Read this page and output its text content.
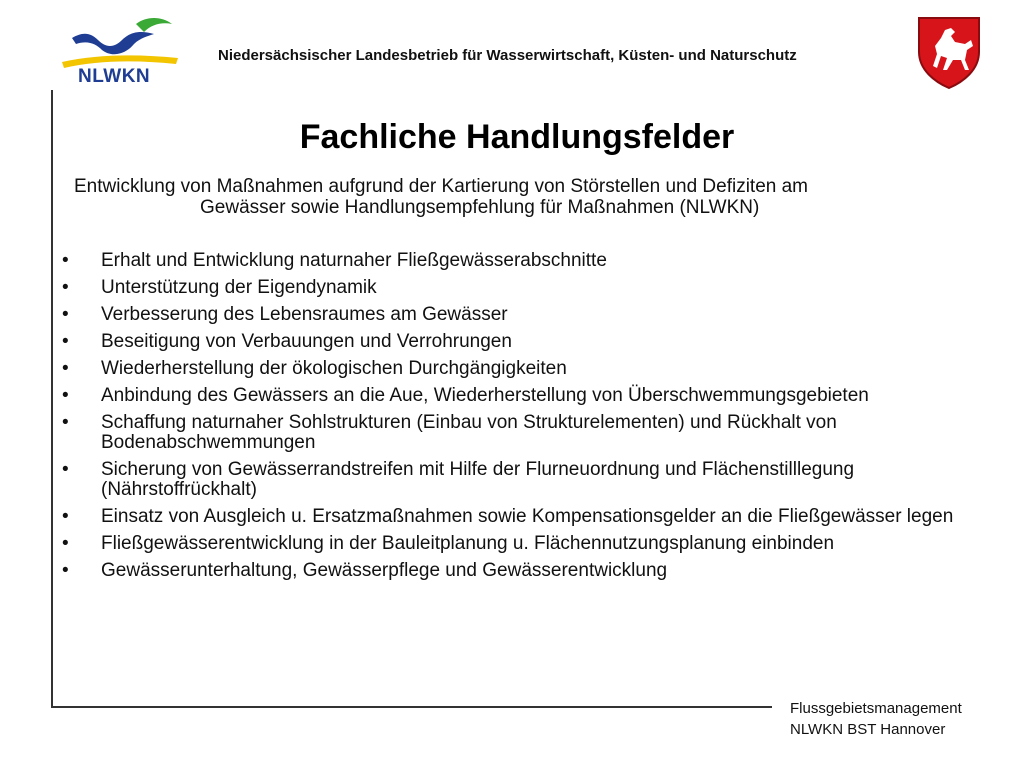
NLWKN
Niedersächsischer Landesbetrieb für Wasserwirtschaft, Küsten- und Naturschutz
Fachliche Handlungsfelder
Entwicklung von Maßnahmen aufgrund der Kartierung von Störstellen und Defiziten am
Gewässer sowie Handlungsempfehlung für Maßnahmen (NLWKN)
• Erhalt und Entwicklung naturnaher Fließgewässerabschnitte
• Unterstützung der Eigendynamik
• Verbesserung des Lebensraumes am Gewässer
• Beseitigung von Verbauungen und Verrohrungen
• Wiederherstellung der ökologischen Durchgängigkeiten
• Anbindung des Gewässers an die Aue, Wiederherstellung von Überschwemmungsgebieten
• Schaffung naturnaher Sohlstrukturen (Einbau von Strukturelementen) und Rückhalt von Bodenabschwemmungen
• Sicherung von Gewässerrandstreifen mit Hilfe der Flurneuordnung und Flächenstilllegung (Nährstoffrückhalt)
• Einsatz von Ausgleich u. Ersatzmaßnahmen sowie Kompensationsgelder an die Fließgewässer legen
• Fließgewässerentwicklung in der Bauleitplanung u. Flächennutzungsplanung einbinden
• Gewässerunterhaltung, Gewässerpflege und Gewässerentwicklung
Flussgebietsmanagement
NLWKN BST Hannover
